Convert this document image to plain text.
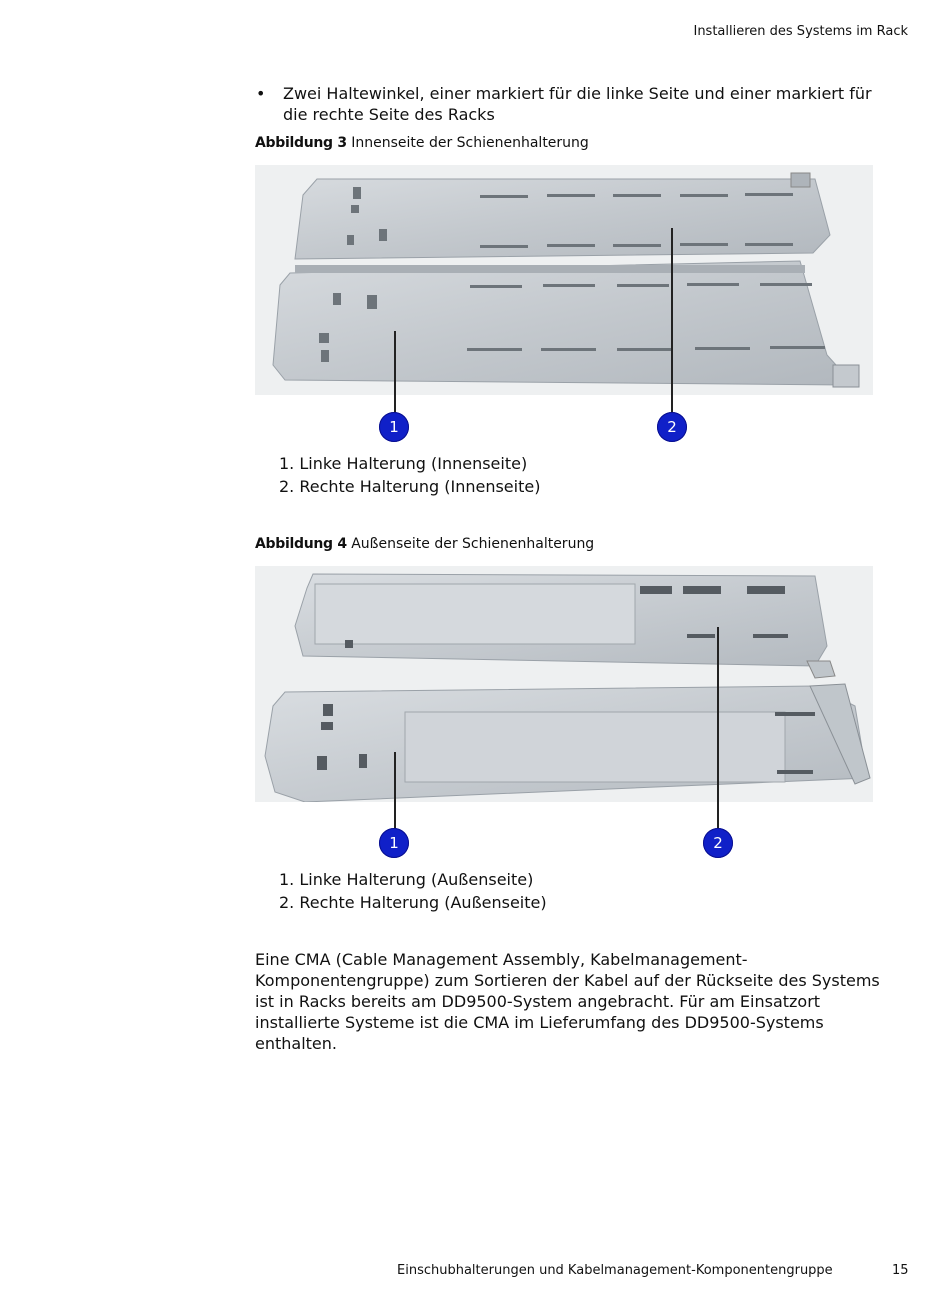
Installieren des Systems im Rack
• Zwei Haltewinkel, einer markiert für die linke Seite und einer markiert für die rechte Seite des Racks
Abbildung 3 Innenseite der Schienenhalterung
1	2
1. Linke Halterung (Innenseite)
2. Rechte Halterung (Innenseite)
Abbildung 4 Außenseite der Schienenhalterung
1	2
1. Linke Halterung (Außenseite)
2. Rechte Halterung (Außenseite)

Eine CMA (Cable Management Assembly, Kabelmanagement-Komponentengruppe) zum Sortieren der Kabel auf der Rückseite des Systems ist in Racks bereits am DD9500-System angebracht. Für am Einsatzort installierte Systeme ist die CMA im Lieferumfang des DD9500-Systems enthalten.

Einschubhalterungen und Kabelmanagement-Komponentengruppe	15
